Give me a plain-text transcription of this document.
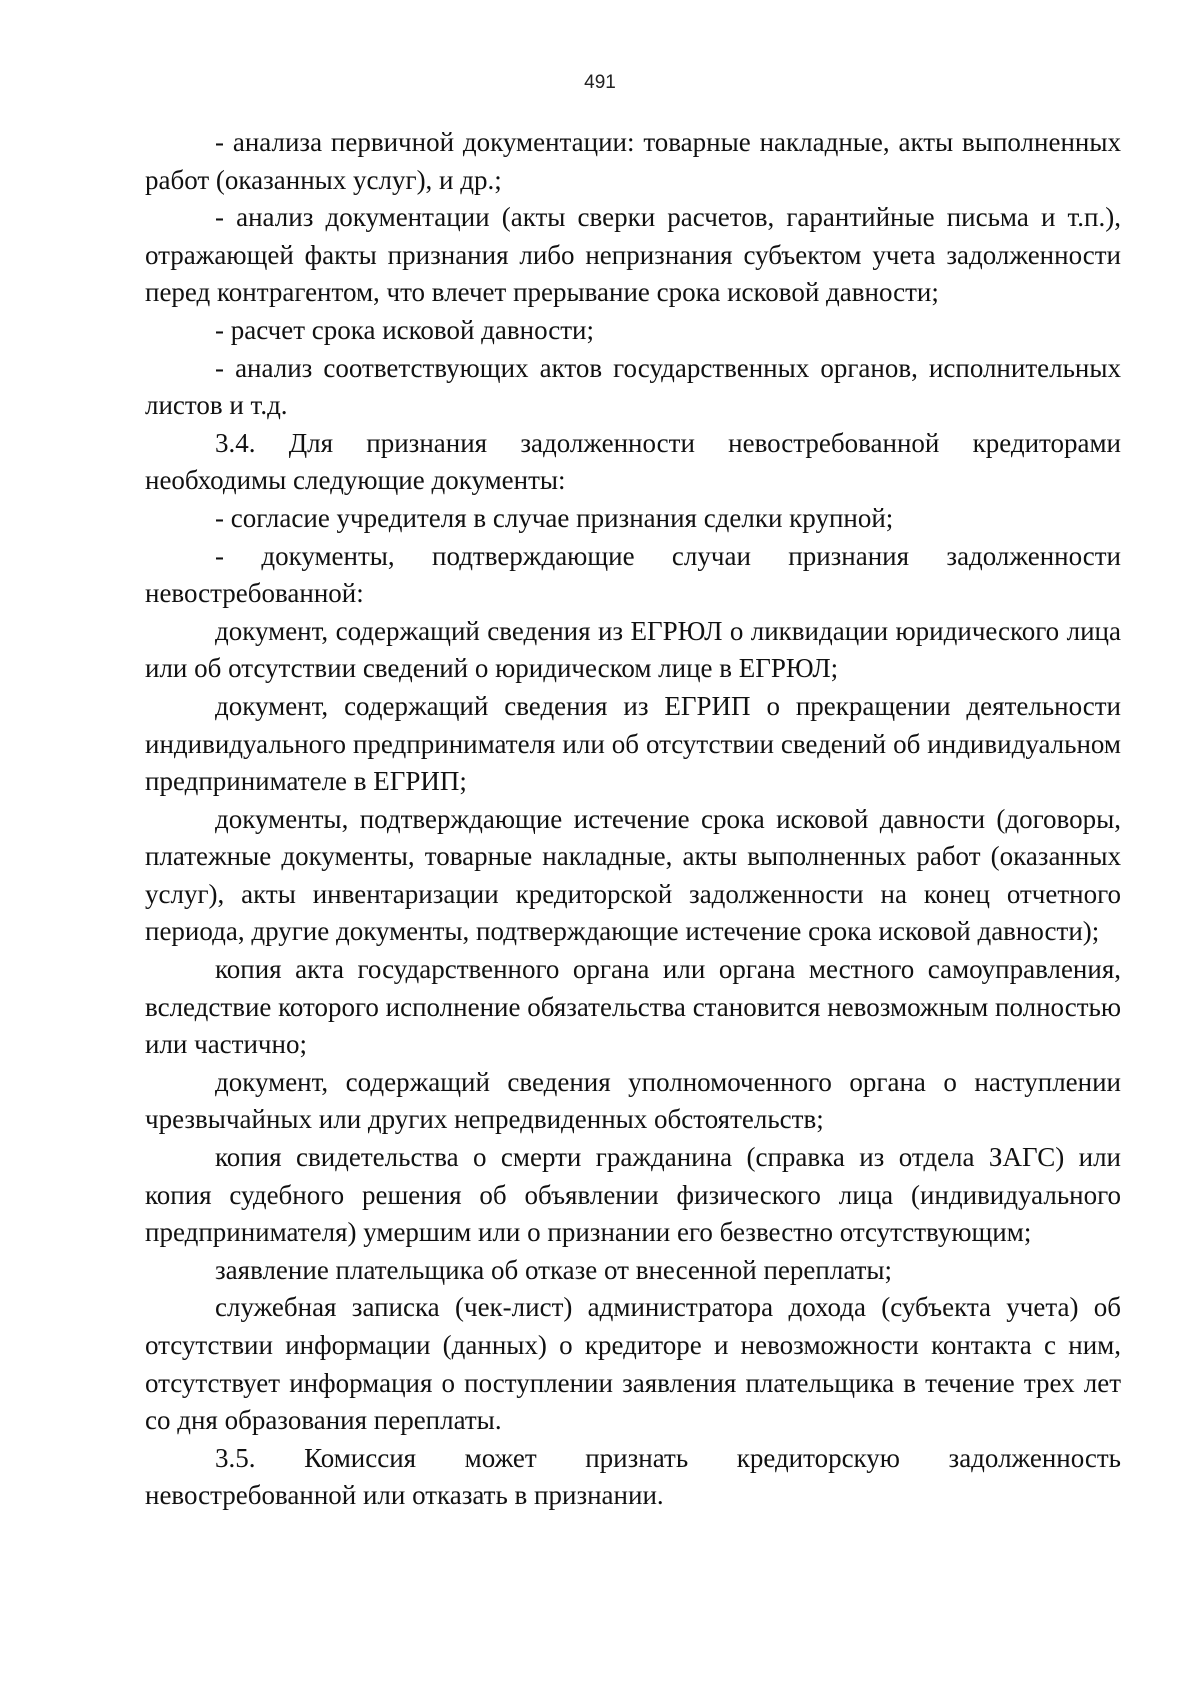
491

- анализа первичной документации: товарные накладные, акты выполненных работ (оказанных услуг), и др.;

- анализ документации (акты сверки расчетов, гарантийные письма и т.п.), отражающей факты признания либо непризнания субъектом учета задолженности перед контрагентом, что влечет прерывание срока исковой давности;

- расчет срока исковой давности;

- анализ соответствующих актов государственных органов, исполнительных листов и т.д.

3.4. Для признания задолженности невостребованной кредиторами необходимы следующие документы:

- согласие учредителя в случае признания сделки крупной;

- документы, подтверждающие случаи признания задолженности невостребованной:

документ, содержащий сведения из ЕГРЮЛ о ликвидации юридического лица или об отсутствии сведений о юридическом лице в ЕГРЮЛ;

документ, содержащий сведения из ЕГРИП о прекращении деятельности индивидуального предпринимателя или об отсутствии сведений об индивидуальном предпринимателе в ЕГРИП;

документы, подтверждающие истечение срока исковой давности (договоры, платежные документы, товарные накладные, акты выполненных работ (оказанных услуг), акты инвентаризации кредиторской задолженности на конец отчетного периода, другие документы, подтверждающие истечение срока исковой давности);

копия акта государственного органа или органа местного самоуправления, вследствие которого исполнение обязательства становится невозможным полностью или частично;

документ, содержащий сведения уполномоченного органа о наступлении чрезвычайных или других непредвиденных обстоятельств;

копия свидетельства о смерти гражданина (справка из отдела ЗАГС) или копия судебного решения об объявлении физического лица (индивидуального предпринимателя) умершим или о признании его безвестно отсутствующим;

заявление плательщика об отказе от внесенной переплаты;

служебная записка (чек-лист) администратора дохода (субъекта учета) об отсутствии информации (данных) о кредиторе и невозможности контакта с ним, отсутствует информация о поступлении заявления плательщика в течение трех лет со дня образования переплаты.

3.5. Комиссия может признать кредиторскую задолженность невостребованной или отказать в признании.
